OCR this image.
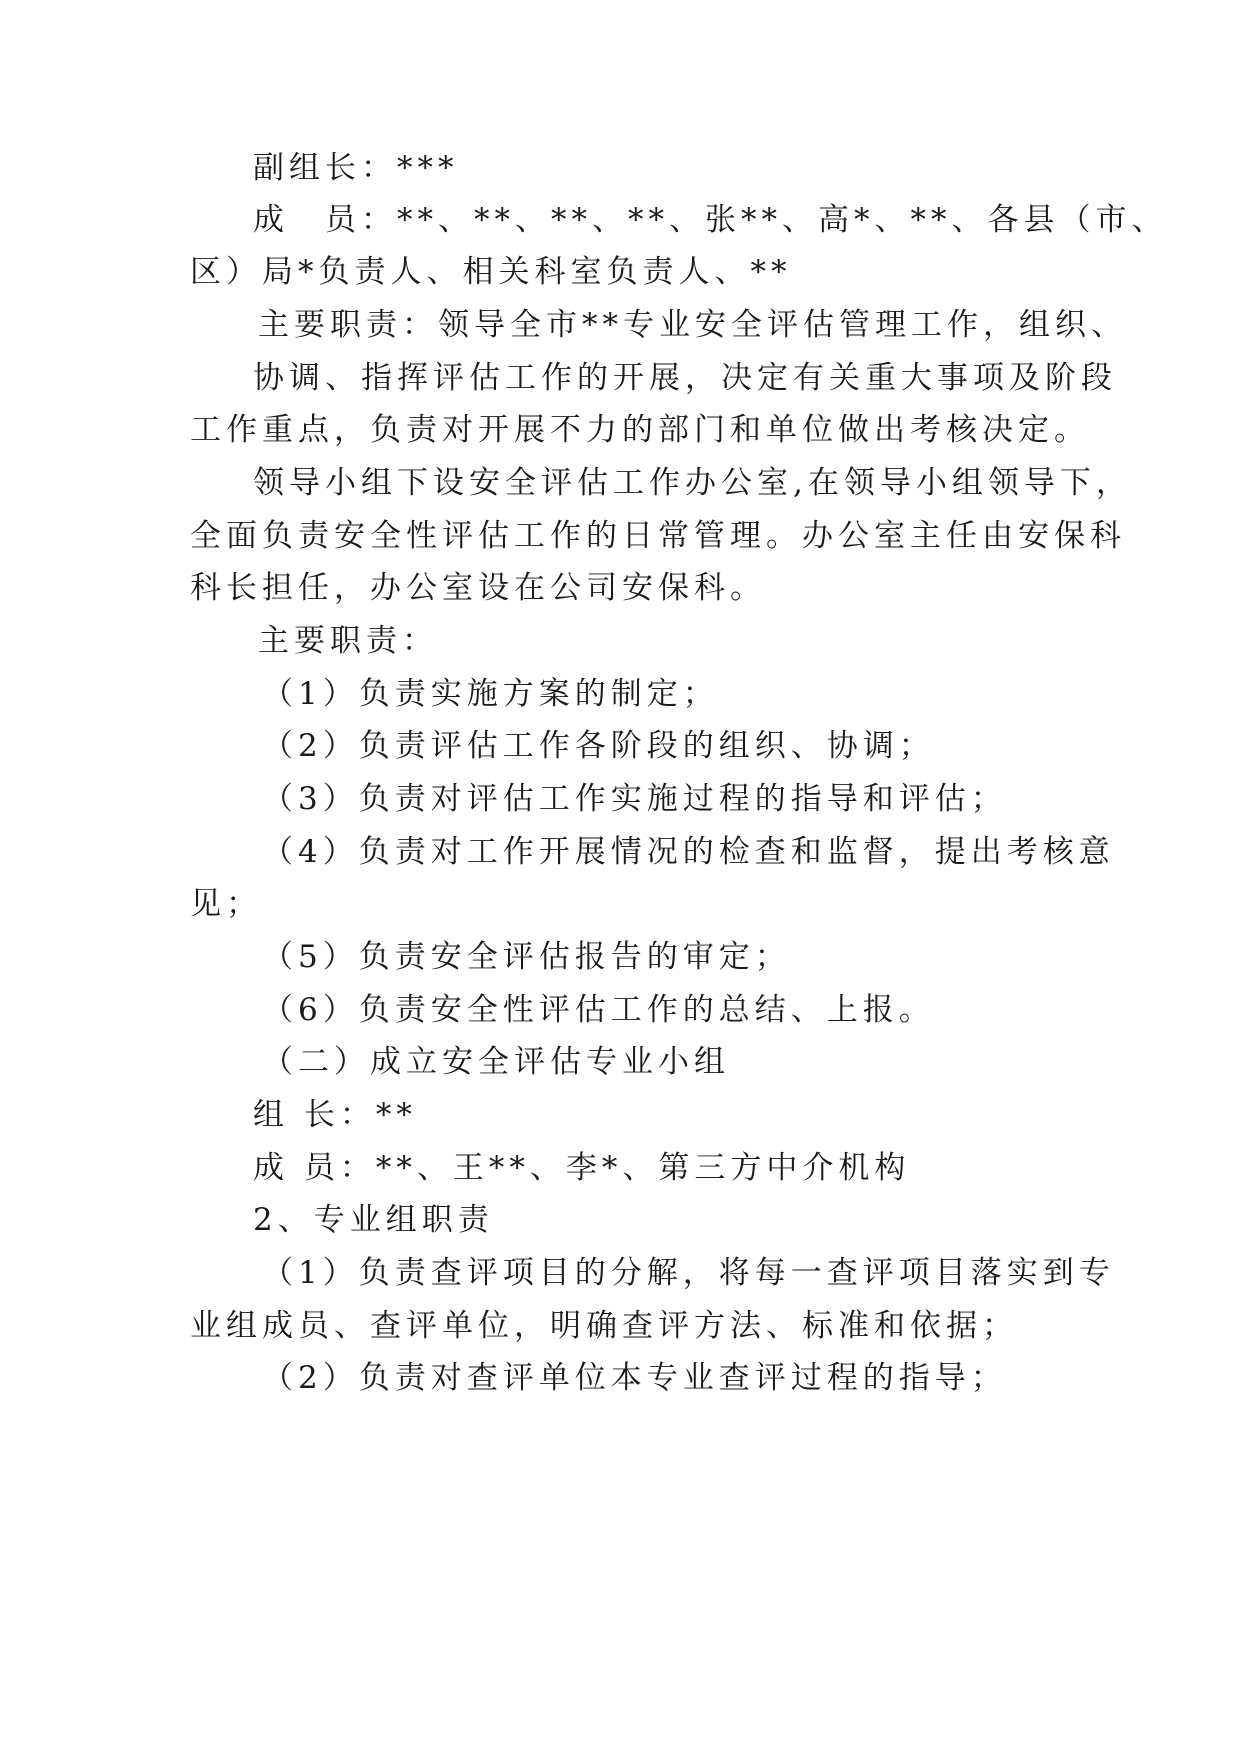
副组长：***
成　员：**、**、**、**、张**、高*、**、各县（市、
区）局*负责人、相关科室负责人、**
主要职责：领导全市**专业安全评估管理工作，组织、
协调、指挥评估工作的开展，决定有关重大事项及阶段
工作重点，负责对开展不力的部门和单位做出考核决定。
领导小组下设安全评估工作办公室,在领导小组领导下，
全面负责安全性评估工作的日常管理。办公室主任由安保科
科长担任，办公室设在公司安保科。
主要职责：
（1）负责实施方案的制定；
（2）负责评估工作各阶段的组织、协调；
（3）负责对评估工作实施过程的指导和评估；
（4）负责对工作开展情况的检查和监督，提出考核意
见；
（5）负责安全评估报告的审定；
（6）负责安全性评估工作的总结、上报。
（二）成立安全评估专业小组
组 长：**
成 员：**、王**、李*、第三方中介机构
2、专业组职责
（1）负责查评项目的分解，将每一查评项目落实到专
业组成员、查评单位，明确查评方法、标准和依据；
（2）负责对查评单位本专业查评过程的指导；
